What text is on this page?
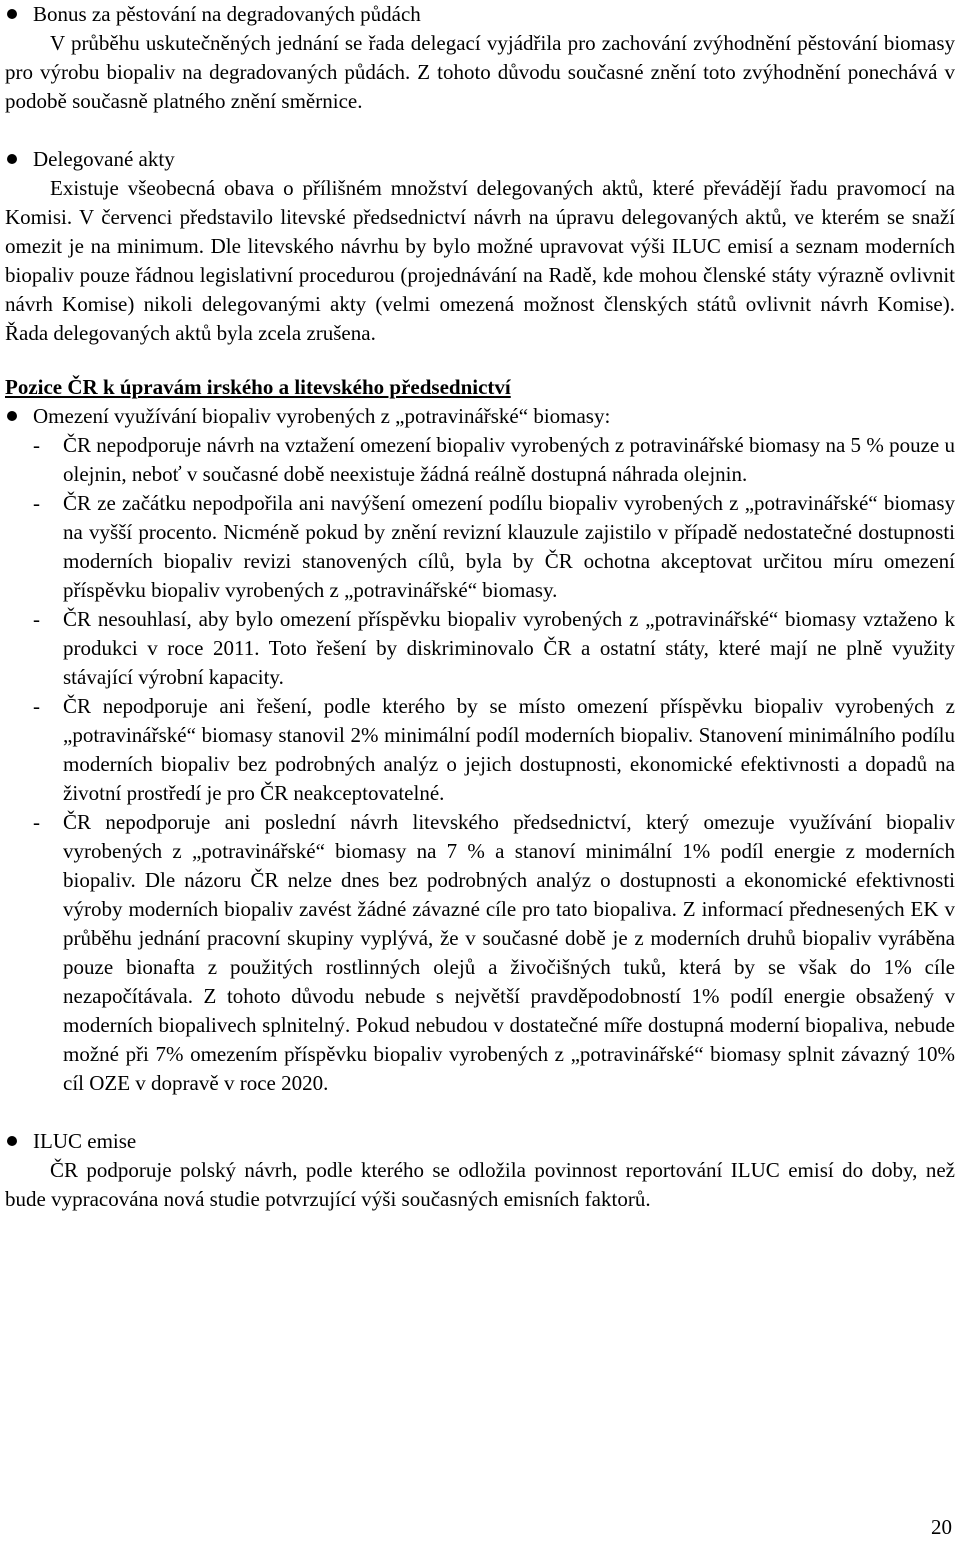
Bonus za pěstování na degradovaných půdách

V průběhu uskutečněných jednání se řada delegací vyjádřila pro zachování zvýhodnění pěstování biomasy pro výrobu biopaliv na degradovaných půdách. Z tohoto důvodu současné znění toto zvýhodnění ponechává v podobě současně platného znění směrnice.

Delegované akty

Existuje všeobecná obava o přílišném množství delegovaných aktů, které převádějí řadu pravomocí na Komisi. V červenci představilo litevské předsednictví návrh na úpravu delegovaných aktů, ve kterém se snaží omezit je na minimum. Dle litevského návrhu by bylo možné upravovat výši ILUC emisí a seznam moderních biopaliv pouze řádnou legislativní procedurou (projednávání na Radě, kde mohou členské státy výrazně ovlivnit návrh Komise) nikoli delegovanými akty (velmi omezená možnost členských států ovlivnit návrh Komise). Řada delegovaných aktů byla zcela zrušena.

Pozice ČR k úpravám irského a litevského předsednictví

Omezení využívání biopaliv vyrobených z „potravinářské“ biomasy:

- ČR nepodporuje návrh na vztažení omezení biopaliv vyrobených z potravinářské biomasy na 5 % pouze u olejnin, neboť v současné době neexistuje žádná reálně dostupná náhrada olejnin.

- ČR ze začátku nepodpořila ani navýšení omezení podílu biopaliv vyrobených z „potravinářské“ biomasy na vyšší procento. Nicméně pokud by znění revizní klauzule zajistilo v případě nedostatečné dostupnosti moderních biopaliv revizi stanovených cílů, byla by ČR ochotna akceptovat určitou míru omezení příspěvku biopaliv vyrobených z „potravinářské“ biomasy.

- ČR nesouhlasí, aby bylo omezení příspěvku biopaliv vyrobených z „potravinářské“ biomasy vztaženo k produkci v roce 2011. Toto řešení by diskriminovalo ČR a ostatní státy, které mají ne plně využity stávající výrobní kapacity.

- ČR nepodporuje ani řešení, podle kterého by se místo omezení příspěvku biopaliv vyrobených z „potravinářské“ biomasy stanovil 2% minimální podíl moderních biopaliv. Stanovení minimálního podílu moderních biopaliv bez podrobných analýz o jejich dostupnosti, ekonomické efektivnosti a dopadů na životní prostředí je pro ČR neakceptovatelné.

- ČR nepodporuje ani poslední návrh litevského předsednictví, který omezuje využívání biopaliv vyrobených z „potravinářské“ biomasy na 7 % a stanoví minimální 1% podíl energie z moderních biopaliv. Dle názoru ČR nelze dnes bez podrobných analýz o dostupnosti a ekonomické efektivnosti výroby moderních biopaliv zavést žádné závazné cíle pro tato biopaliva. Z informací přednesených EK v průběhu jednání pracovní skupiny vyplývá, že v současné době je z moderních druhů biopaliv vyráběna pouze bionafta z použitých rostlinných olejů a živočišných tuků, která by se však do 1% cíle nezapočítávala. Z tohoto důvodu nebude s největší pravděpodobností 1% podíl energie obsažený v moderních biopalivech splnitelný. Pokud nebudou v dostatečné míře dostupná moderní biopaliva, nebude možné při 7% omezením příspěvku biopaliv vyrobených z „potravinářské“ biomasy splnit závazný 10% cíl OZE v dopravě v roce 2020.

ILUC emise

ČR podporuje polský návrh, podle kterého se odložila povinnost reportování ILUC emisí do doby, než bude vypracována nová studie potvrzující výši současných emisních faktorů.

20
